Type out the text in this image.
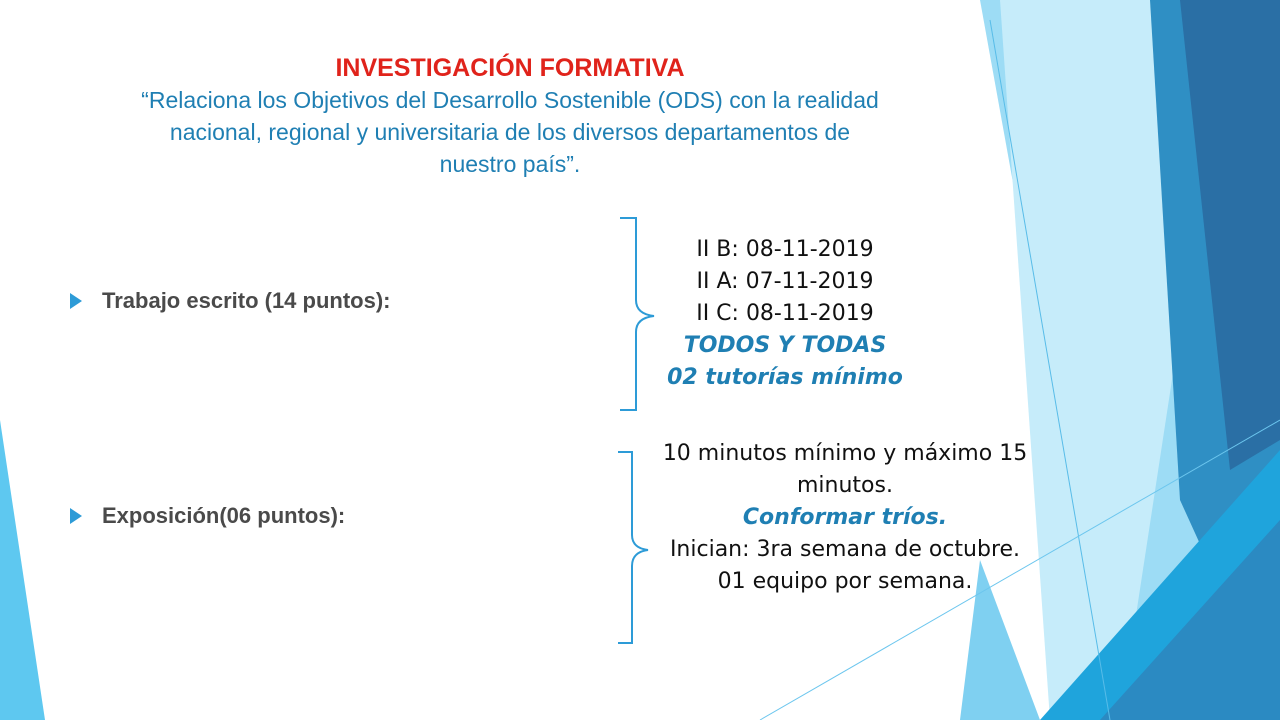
INVESTIGACIÓN FORMATIVA
“Relaciona los Objetivos del Desarrollo Sostenible (ODS) con la realidad
nacional, regional y universitaria de los diversos departamentos de
nuestro país”.
Trabajo escrito (14 puntos):
Exposición(06 puntos):
II B: 08-11-2019
II A: 07-11-2019
II C: 08-11-2019
TODOS Y TODAS
02 tutorías mínimo
10 minutos mínimo y máximo 15
minutos.
Conformar tríos.
Inician: 3ra semana de octubre.
01 equipo por semana.
